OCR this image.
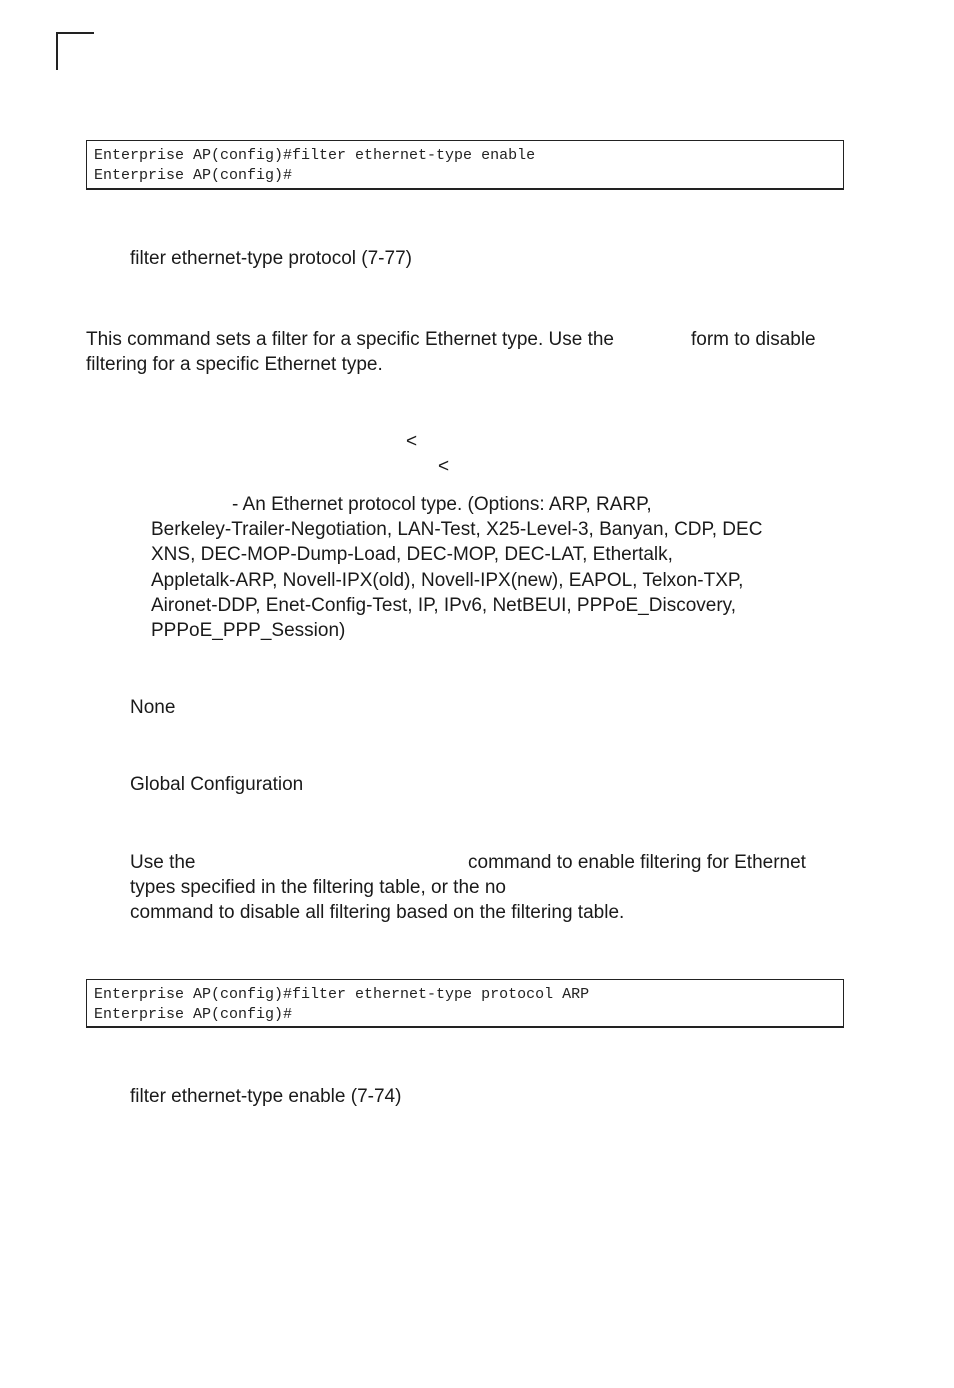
Enterprise AP(config)#filter ethernet-type enable
Enterprise AP(config)#
filter ethernet-type protocol (7-77)
This command sets a filter for a specific Ethernet type. Use the	form to disable
filtering for a specific Ethernet type.
<
<
- An Ethernet protocol type. (Options: ARP, RARP,
Berkeley-Trailer-Negotiation, LAN-Test, X25-Level-3, Banyan, CDP, DEC
XNS, DEC-MOP-Dump-Load, DEC-MOP, DEC-LAT, Ethertalk,
Appletalk-ARP, Novell-IPX(old), Novell-IPX(new), EAPOL, Telxon-TXP,
Aironet-DDP, Enet-Config-Test, IP, IPv6, NetBEUI, PPPoE_Discovery,
PPPoE_PPP_Session)
None
Global Configuration
Use the	command to enable filtering for Ethernet
types specified in the filtering table, or the no
command to disable all filtering based on the filtering table.
Enterprise AP(config)#filter ethernet-type protocol ARP
Enterprise AP(config)#
filter ethernet-type enable (7-74)
